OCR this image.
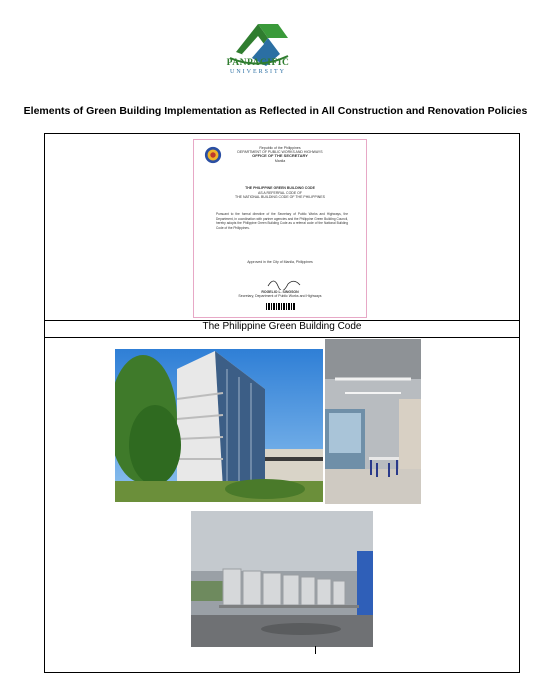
PANPACIFIC
UNIVERSITY
Elements of Green Building Implementation as Reflected in All Construction and Renovation Policies
Republic of the Philippines
DEPARTMENT OF PUBLIC WORKS AND HIGHWAYS
OFFICE OF THE SECRETARY
Manila
THE PHILIPPINE GREEN BUILDING CODE
AS A REFERRAL CODE OF
THE NATIONAL BUILDING CODE OF THE PHILIPPINES
Pursuant to the formal directive of the Secretary of Public Works and Highways, the Department, in coordination with partner agencies and the Philippine Green Building Council, hereby adopts the Philippine Green Building Code as a referral code of the National Building Code of the Philippines.
Approved in the City of Manila, Philippines
ROGELIO L. SINGSON
Secretary, Department of Public Works and Highways
The Philippine Green Building Code
